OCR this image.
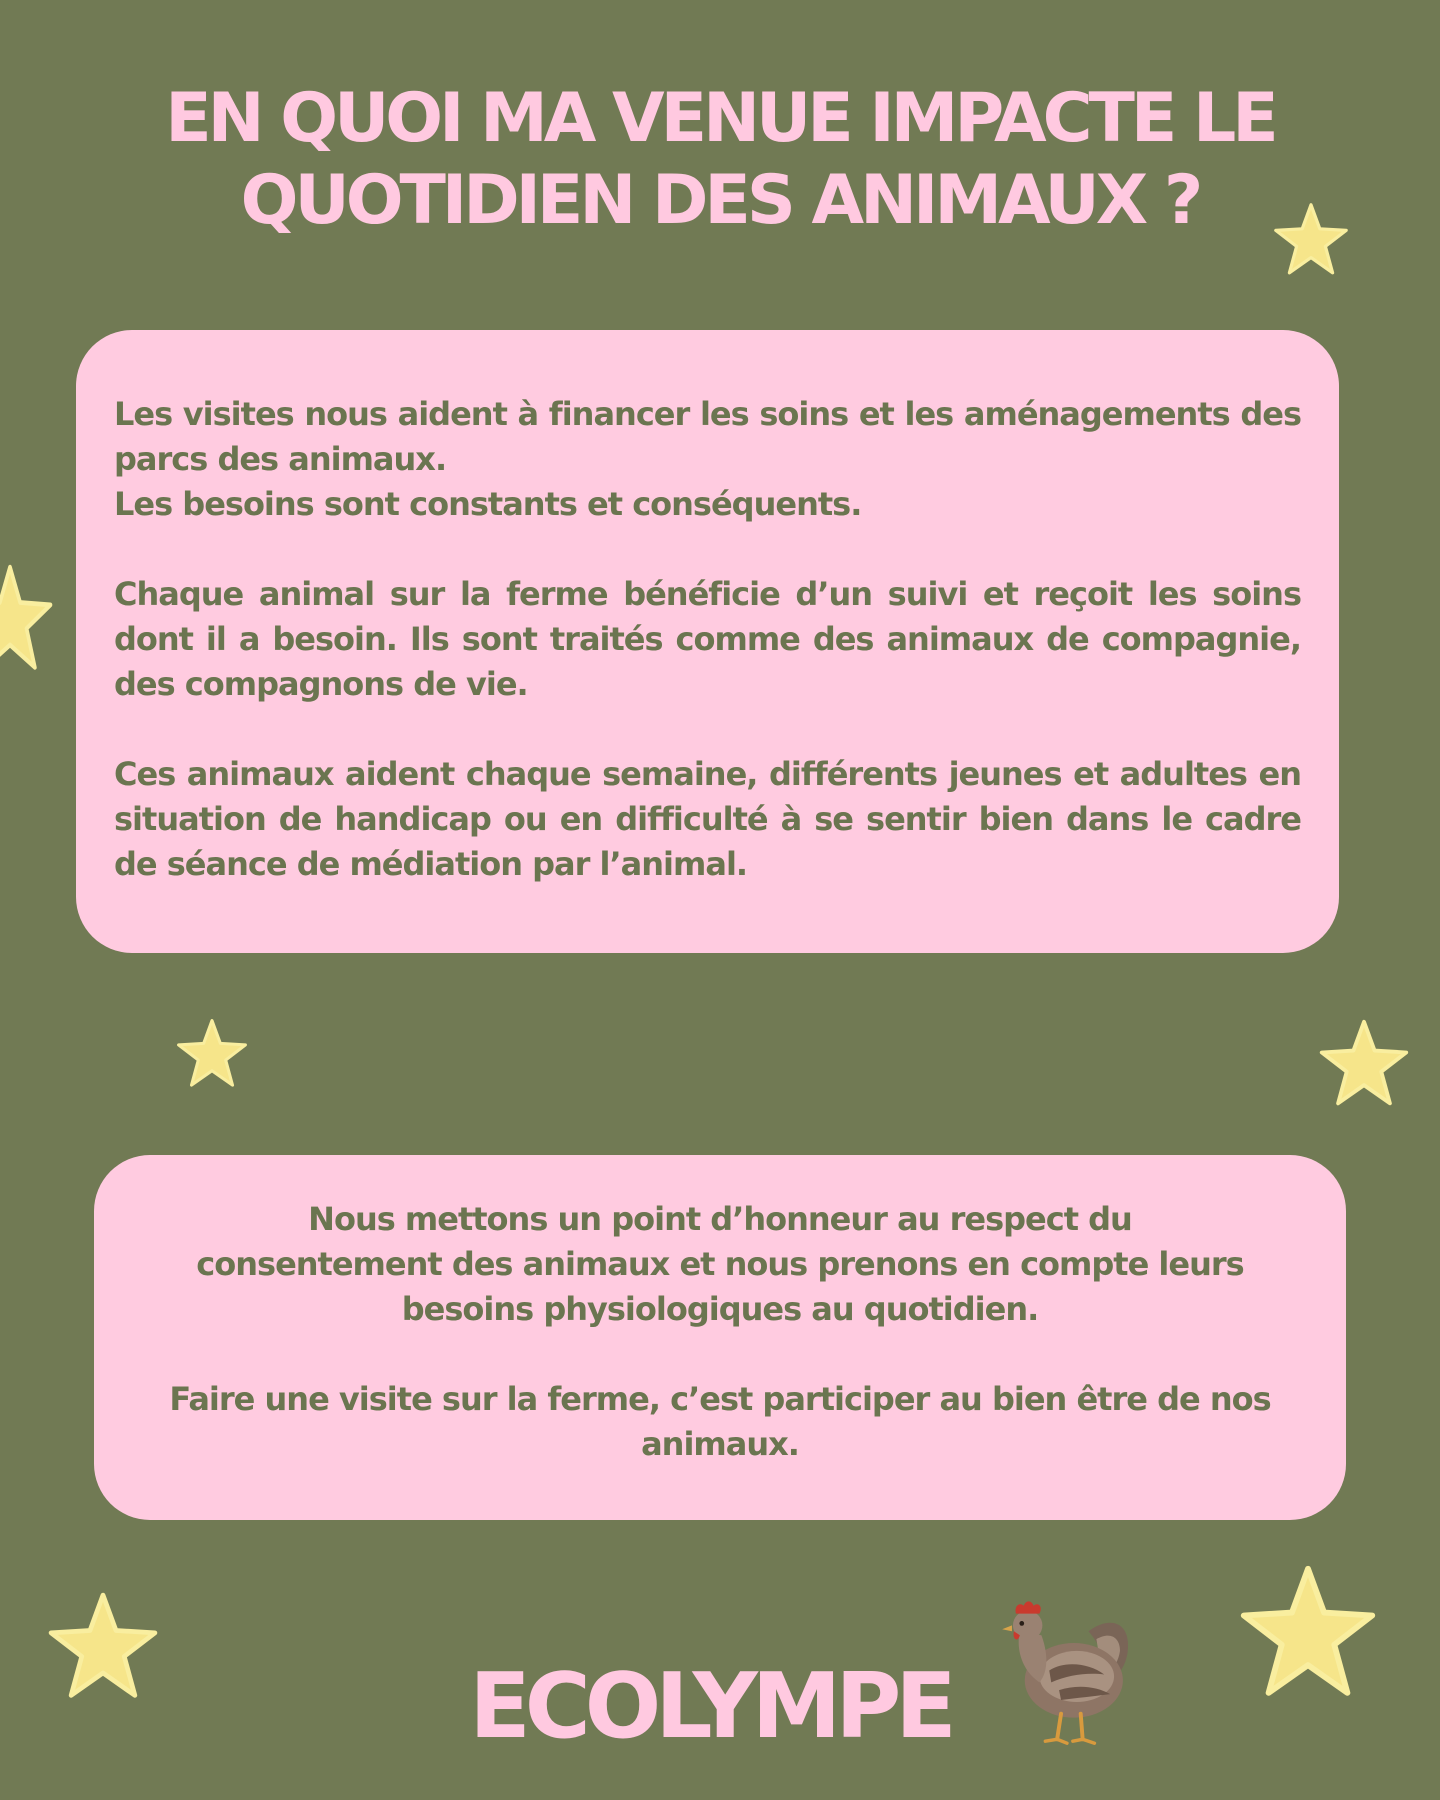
EN QUOI MA VENUE IMPACTE LE
QUOTIDIEN DES ANIMAUX ?
Les visites nous aident à financer les soins et les aménagements des parcs des animaux.
Les besoins sont constants et conséquents.
Chaque animal sur la ferme bénéficie d’un suivi et reçoit les soins dont il a besoin. Ils sont traités comme des animaux de compagnie, des compagnons de vie.
Ces animaux aident chaque semaine, différents jeunes et adultes en situation de handicap ou en difficulté à se sentir bien dans le cadre de séance de médiation par l’animal.
Nous mettons un point d’honneur au respect du consentement des animaux et nous prenons en compte leurs besoins physiologiques au quotidien.
Faire une visite sur la ferme, c’est participer au bien être de nos animaux.
ECOLYMPE
